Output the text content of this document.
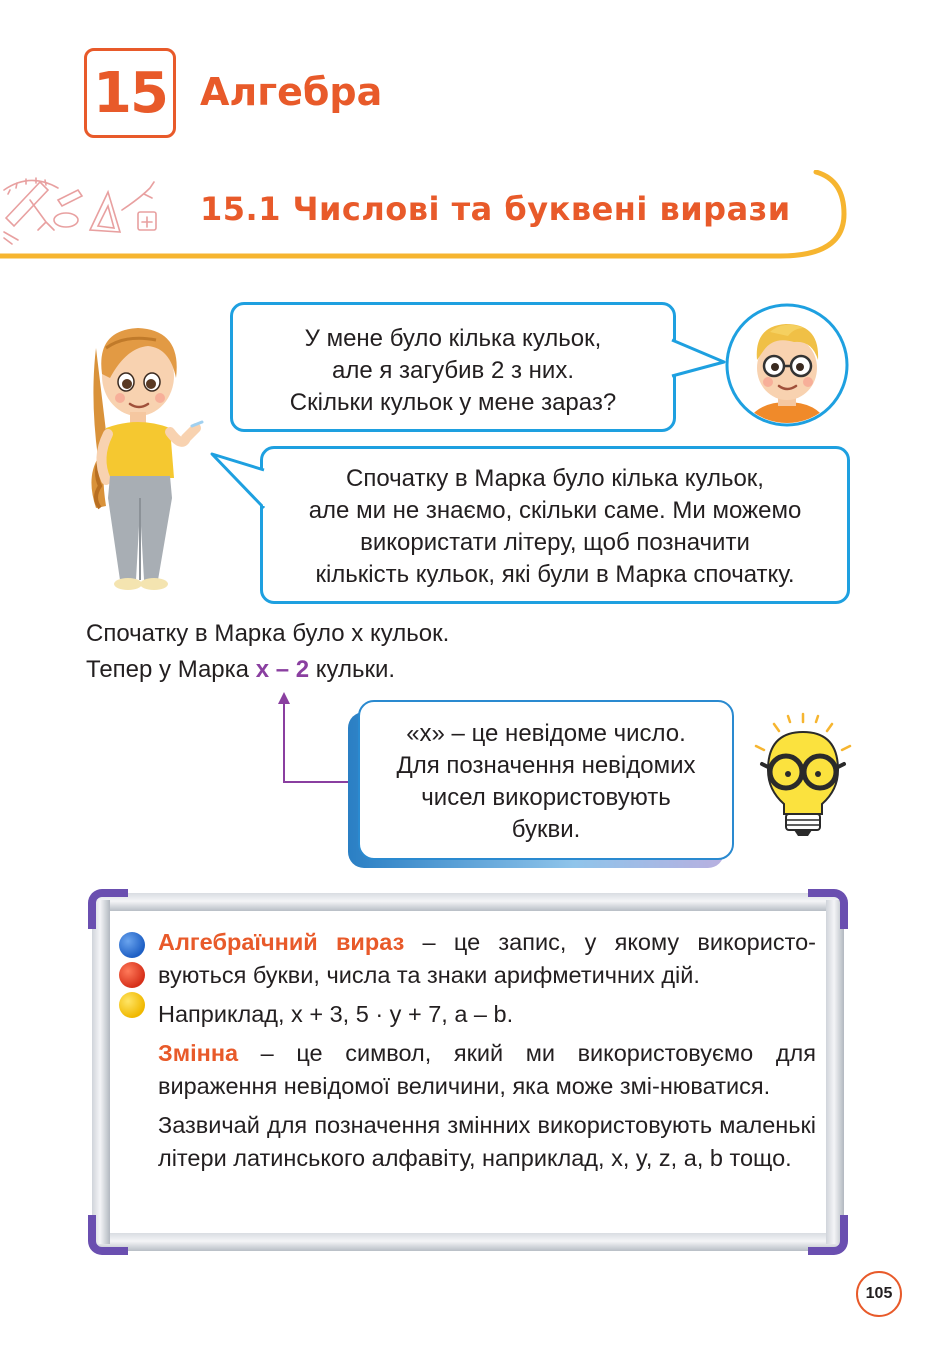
15 Алгебра
15.1 Числові та буквені вирази
У мене було кілька кульок,
але я загубив 2 з них.
Скільки кульок у мене зараз?
Спочатку в Марка було кілька кульок,
але ми не знаємо, скільки саме. Ми можемо
використати літеру, щоб позначити
кількість кульок, які були в Марка спочатку.
Спочатку в Марка було x кульок.
Тепер у Марка x – 2 кульки.
«x» – це невідоме число.
Для позначення невідомих
чисел використовують
букви.

Алгебраїчний вираз – це запис, у якому використо-вуються букви, числа та знаки арифметичних дій.

Наприклад, x + 3, 5 · y + 7, a – b.

Змінна – це символ, який ми використовуємо для вираження невідомої величини, яка може змі-нюватися.

Зазвичай для позначення змінних використовують маленькі літери латинського алфавіту, наприклад, x, y, z, a, b тощо.

105
